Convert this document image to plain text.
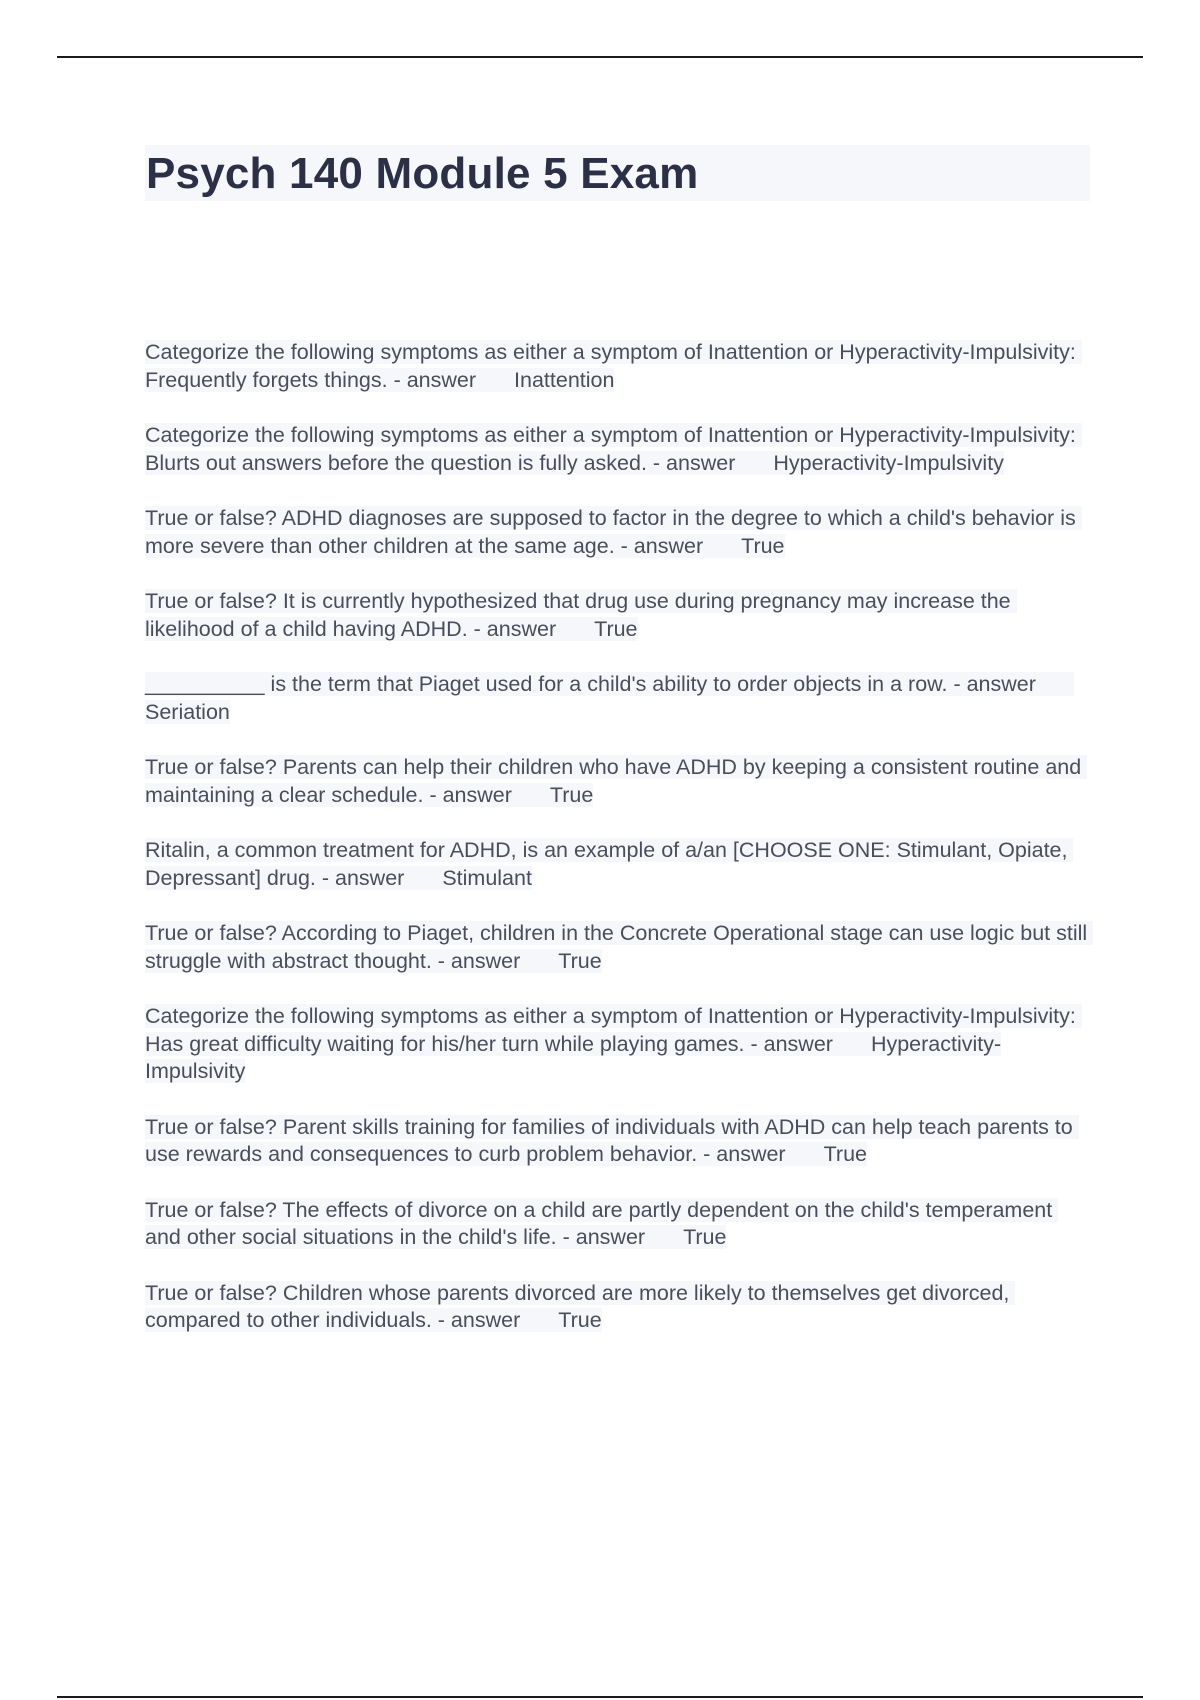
Psych 140 Module 5 Exam
Categorize the following symptoms as either a symptom of Inattention or Hyperactivity-Impulsivity: Frequently forgets things. - answer Inattention
Categorize the following symptoms as either a symptom of Inattention or Hyperactivity-Impulsivity: Blurts out answers before the question is fully asked. - answer Hyperactivity-Impulsivity
True or false? ADHD diagnoses are supposed to factor in the degree to which a child's behavior is more severe than other children at the same age. - answer True
True or false? It is currently hypothesized that drug use during pregnancy may increase the likelihood of a child having ADHD. - answer True
__________ is the term that Piaget used for a child's ability to order objects in a row. - answerSeriation
True or false? Parents can help their children who have ADHD by keeping a consistent routine and maintaining a clear schedule. - answer True
Ritalin, a common treatment for ADHD, is an example of a/an [CHOOSE ONE: Stimulant, Opiate, Depressant] drug. - answer Stimulant
True or false? According to Piaget, children in the Concrete Operational stage can use logic but still struggle with abstract thought. - answer True
Categorize the following symptoms as either a symptom of Inattention or Hyperactivity-Impulsivity: Has great difficulty waiting for his/her turn while playing games. - answer Hyperactivity-Impulsivity
True or false? Parent skills training for families of individuals with ADHD can help teach parents to use rewards and consequences to curb problem behavior. - answer True
True or false? The effects of divorce on a child are partly dependent on the child's temperament and other social situations in the child's life. - answer True
True or false? Children whose parents divorced are more likely to themselves get divorced, compared to other individuals. - answer True
